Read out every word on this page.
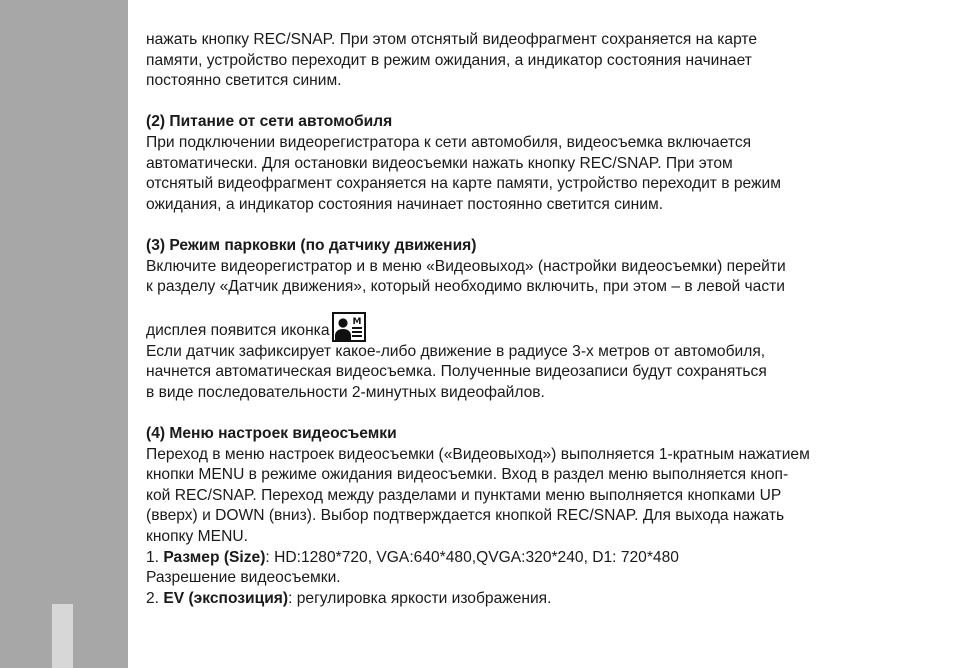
нажать кнопку REC/SNAP. При этом отснятый видеофрагмент сохраняется на карте

памяти, устройство переходит в режим ожидания, а индикатор состояния начинает

постоянно светится синим.

(2) Питание от сети автомобиля

При подключении видеорегистратора к сети автомобиля, видеосъемка включается

автоматически. Для остановки видеосъемки нажать кнопку REC/SNAP. При этом

отснятый видеофрагмент сохраняется на карте памяти, устройство переходит в режим

ожидания, а индикатор состояния начинает постоянно светится синим.

(3) Режим парковки (по датчику движения)

Включите видеорегистратор и в меню «Видеовыход» (настройки видеосъемки) перейти

к разделу «Датчик движения», который необходимо включить, при этом – в левой части

дисплея появится иконка
M

Если датчик зафиксирует какое-либо движение в радиусе 3-х метров от автомобиля,

начнется автоматическая видеосъемка. Полученные видеозаписи будут сохраняться

в виде последовательности 2-минутных видеофайлов.

(4) Меню настроек видеосъемки

Переход в меню настроек видеосъемки («Видеовыход») выполняется 1-кратным нажатием

кнопки MENU в режиме ожидания видеосъемки. Вход в раздел меню выполняется кноп-

кой REC/SNAP. Переход между разделами и пунктами меню выполняется кнопками UP

(вверх) и DOWN (вниз). Выбор подтверждается кнопкой REC/SNAP. Для выхода нажать

кнопку MENU.

1. Размер (Size): HD:1280*720, VGA:640*480,QVGA:320*240, D1: 720*480

Разрешение видеосъемки.

2. EV (экспозиция): регулировка яркости изображения.
